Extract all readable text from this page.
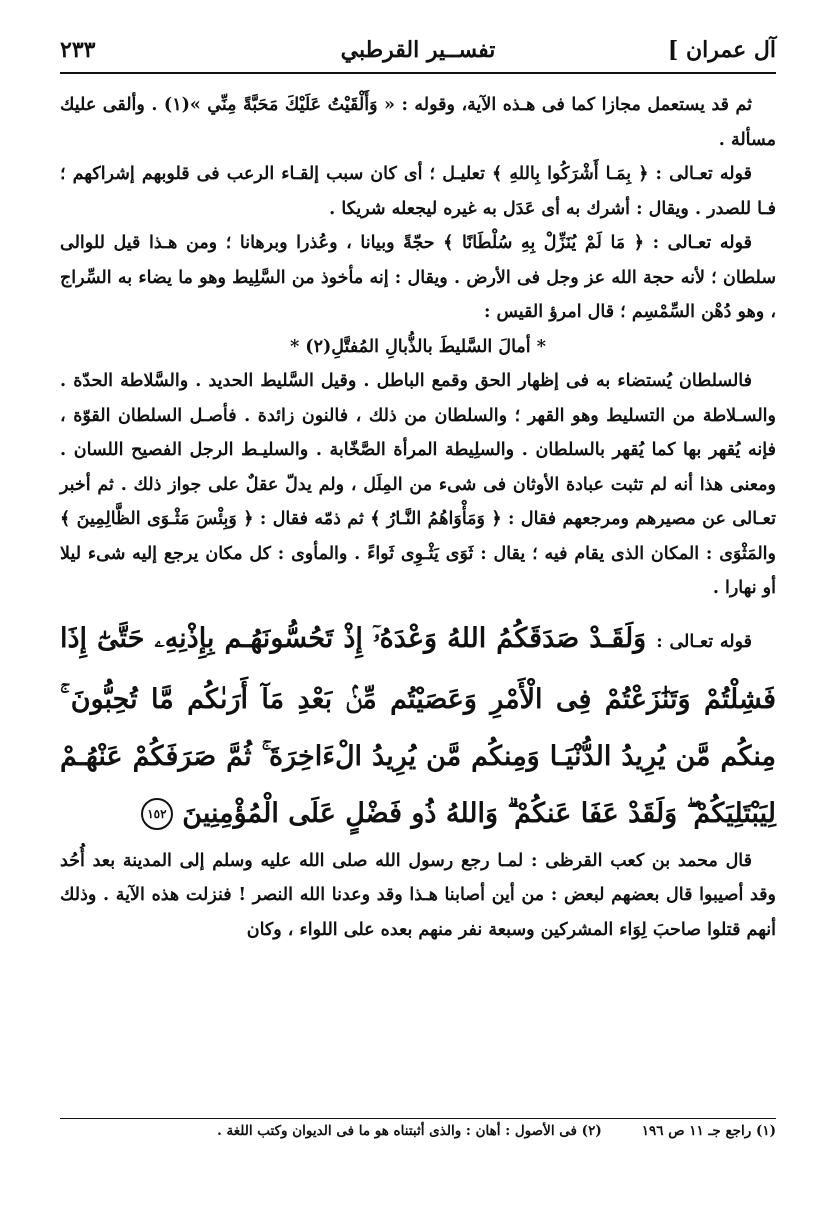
آل عمران ]
تفســير القرطبي
٢٣٣

ثم قد يستعمل مجازا كما فى هـذه الآية، وقوله : « وَأَلْقَيْتُ عَلَيْكَ مَحَبَّةً مِنِّي »(١) . وألقى عليك مسألة .

قوله تعـالى : ﴿ بِمَـا أَشْرَكُوا بِاللهِ ﴾ تعليـل ؛ أى كان سبب إلقـاء الرعب فى قلوبهم إشراكهم ؛ فـا للصدر . ويقال : أشرك به أى عَدَل به غيره ليجعله شريكا .

قوله تعـالى : ﴿ مَا لَمْ يُنَزِّلْ بِهِ سُلْطَانًا ﴾ حجّةً وبيانا ، وعُذرا وبرهانا ؛ ومن هـذا قيل للوالى سلطان ؛ لأنه حجة الله عز وجل فى الأرض . ويقال : إنه مأخوذ من السَّلِيط وهو ما يضاء به السِّراج ، وهو دُهْن السِّمْسِم ؛ قال امرؤ القيس :

* أمالَ السَّليطَ بالذُّبالِ المُفتَّلِ(٢) *

فالسلطان يُستضاء به فى إظهار الحق وقمع الباطل . وقيل السَّليط الحديد . والسَّلاطة الحدّة . والسـلاطة من التسليط وهو القهر ؛ والسلطان من ذلك ، فالنون زائدة . فأصـل السلطان القوّة ، فإنه يُقهر بها كما يُقهر بالسلطان . والسلِيطة المرأة الصَّخّابة . والسليـط الرجل الفصيح اللسان . ومعنى هذا أنه لم تثبت عبادة الأوثان فى شىء من المِلَل ، ولم يدلّ عقلٌ على جواز ذلك . ثم أخبر تعـالى عن مصيرهم ومرجعهم فقال : ﴿ وَمَأْوَاهُمُ النَّـارُ ﴾ ثم ذمّه فقال : ﴿ وَبِئْسَ مَثْـوَى الظَّالِمِينَ ﴾ والمَثْوَى : المكان الذى يقام فيه ؛ يقال : ثَوَى يَثْـوِى ثَواءً . والمأوى : كل مكان يرجع إليه شىء ليلا أو نهارا .

قوله تعـالى : وَلَقَـدْ صَدَقَكُمُ اللهُ وَعْدَهُۥٓ إِذْ تَحُسُّونَهُـم بِإِذْنِهِۦ حَتَّىٰٓ إِذَا فَشِلْتُمْ وَتَنَٰزَعْتُمْ فِى الْأَمْرِ وَعَصَيْتُم مِّنۢ بَعْدِ مَآ أَرَىٰكُم مَّا تُحِبُّونَ ۚ مِنكُم مَّن يُرِيدُ الدُّنْيَـا وَمِنكُم مَّن يُرِيدُ الْءَاخِرَةَ ۚ ثُمَّ صَرَفَكُمْ عَنْهُـمْ لِيَبْتَلِيَكُمْ ۖ وَلَقَدْ عَفَا عَنكُمْ ۗ وَاللهُ ذُو فَضْلٍ عَلَى الْمُؤْمِنِينَ ١٥٢

قال محمد بن كعب القرظى : لمـا رجع رسول الله صلى الله عليه وسلم إلى المدينة بعد أُحُد وقد أصيبوا قال بعضهم لبعض : من أين أصابنا هـذا وقد وعدنا الله النصر ! فنزلت هذه الآية . وذلك أنهم قتلوا صاحبَ لِوَاء المشركين وسبعة نفر منهم بعده على اللواء ، وكان

(١) راجع جـ ١١ ص ١٩٦
(٢) فى الأصول : أهان : والذى أثبتناه هو ما فى الديوان وكتب اللغة .
